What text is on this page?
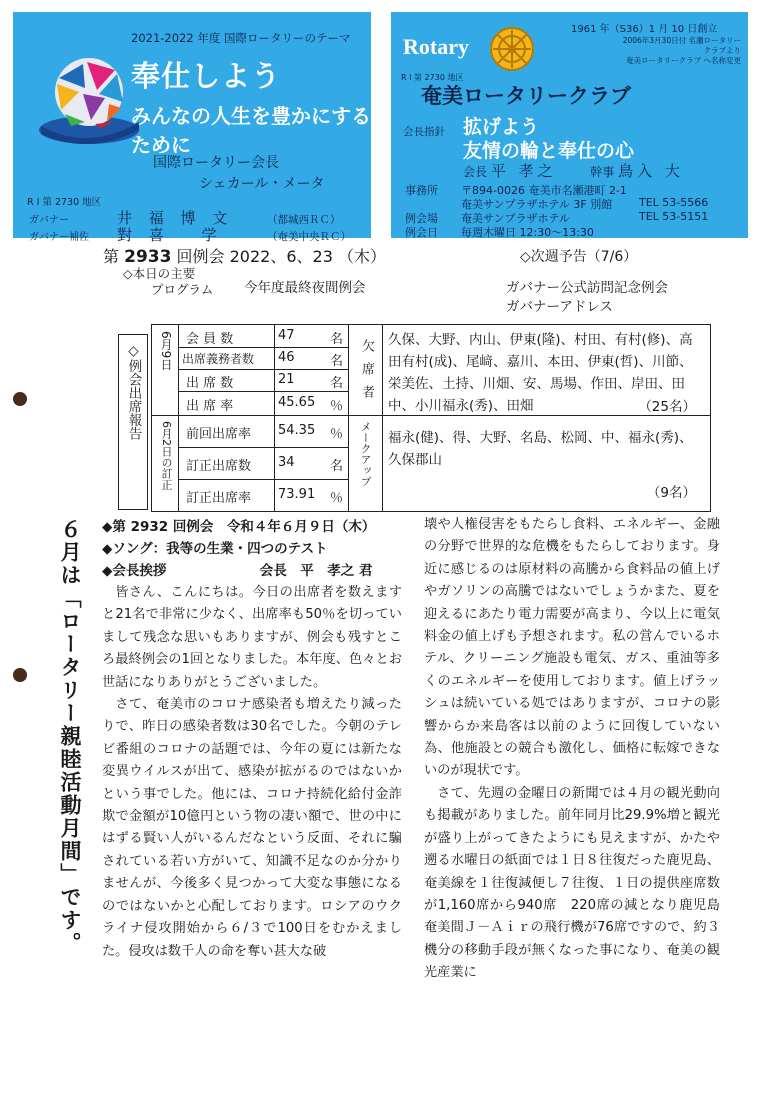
2021-2022 年度 国際ロータリーのテーマ
奉仕しよう
みんなの人生を豊かにするために
国際ロータリー会長
シェカール・メータ
R I 第 2730 地区
ガバナー	井 福 博 文	（都城西ＲＣ）
ガバナー補佐	對 喜 　学	（奄美中央ＲＣ）
Rotary
1961 年（S36）1 月 10 日創立
2006年3月30日付 名瀬ロータリークラブより
奄美ロータリークラブ へ名称変更
R I 第 2730 地区
奄美ロータリークラブ
会長指針 拡げよう
友情の輪と奉仕の心
会長 平 孝之	幹事 鳥入 大
事務所	〒894-0026 奄美市名瀬港町 2-1
奄美サンプラザホテル 3F 別館	TEL 53-5566
例会場	奄美サンプラザホテル	TEL 53-5151
例会日	毎週木曜日 12:30～13:30
第 2933 回例会 2022、6、23 （木）	◇次週予告（7/6）
◇本日の主要
プログラム 今年度最終夜間例会	ガバナー公式訪問記念例会
ガバナーアドレス
◇例会出席報告	6月9日
6月2日の訂正
会 員 数	47	名
出席義務者数 46	名
出 席 数	21	名
出 席 率	45.65 ％
前回出席率 54.35 ％
訂正出席数 34	名
訂正出席率 73.91 ％
欠席者
メークアップ
久保、大野、内山、伊東(隆)、村田、有村(修)、高田有村(成)、尾﨑、嘉川、本田、伊東(哲)、川節、栄美佐、土持、川畑、安、馬場、作田、岸田、田中、小川福永(秀)、田畑	（25名）
福永(健)、得、大野、名島、松岡、中、福永(秀)、久保郡山
（9名）
６月は「ロータリー親睦活動月間」です。 ◆第 2932 回例会　令和４年６月９日（木）
◆ソング：我等の生業・四つのテスト
◆会長挨拶	会長　平　孝之 君

皆さん、こんにちは。今日の出席者を数えますと21名で非常に少なく、出席率も50％を切っていまして残念な思いもありますが、例会も残すところ最終例会の1回となりました。本年度、色々とお世話になりありがとうございました。

さて、奄美市のコロナ感染者も増えたり減ったりで、昨日の感染者数は30名でした。今朝のテレビ番組のコロナの話題では、今年の夏には新たな変異ウイルスが出て、感染が拡がるのではないかという事でした。他には、コロナ持続化給付金詐欺で金額が10億円という物の凄い額で、世の中にはずる賢い人がいるんだなという反面、それに騙されている若い方がいて、知識不足なのか分かりませんが、今後多く見つかって大変な事態になるのではないかと心配しております。ロシアのウクライナ侵攻開始から６/３で100日をむかえました。侵攻は数千人の命を奪い甚大な破

壊や人権侵害をもたらし食料、エネルギー、金融の分野で世界的な危機をもたらしております。身近に感じるのは原材料の高騰から食料品の値上げやガソリンの高騰ではないでしょうかまた、夏を迎えるにあたり電力需要が高まり、今以上に電気料金の値上げも予想されます。私の営んでいるホテル、クリーニング施設も電気、ガス、重油等多くのエネルギーを使用しております。値上げラッシュは続いている処ではありますが、コロナの影響からか来島客は以前のように回復していない為、他施設との競合も激化し、価格に転嫁できないのが現状です。

さて、先週の金曜日の新聞では４月の観光動向も掲載がありました。前年同月比29.9%増と観光が盛り上がってきたようにも見えますが、かたや遡る水曜日の紙面では１日８往復だった鹿児島、奄美線を１往復減便し７往復、１日の提供座席数が1,160席から940席　220席の減となり鹿児島奄美間Ｊ－Ａｉｒの飛行機が76席ですので、約３機分の移動手段が無くなった事になり、奄美の観光産業に
